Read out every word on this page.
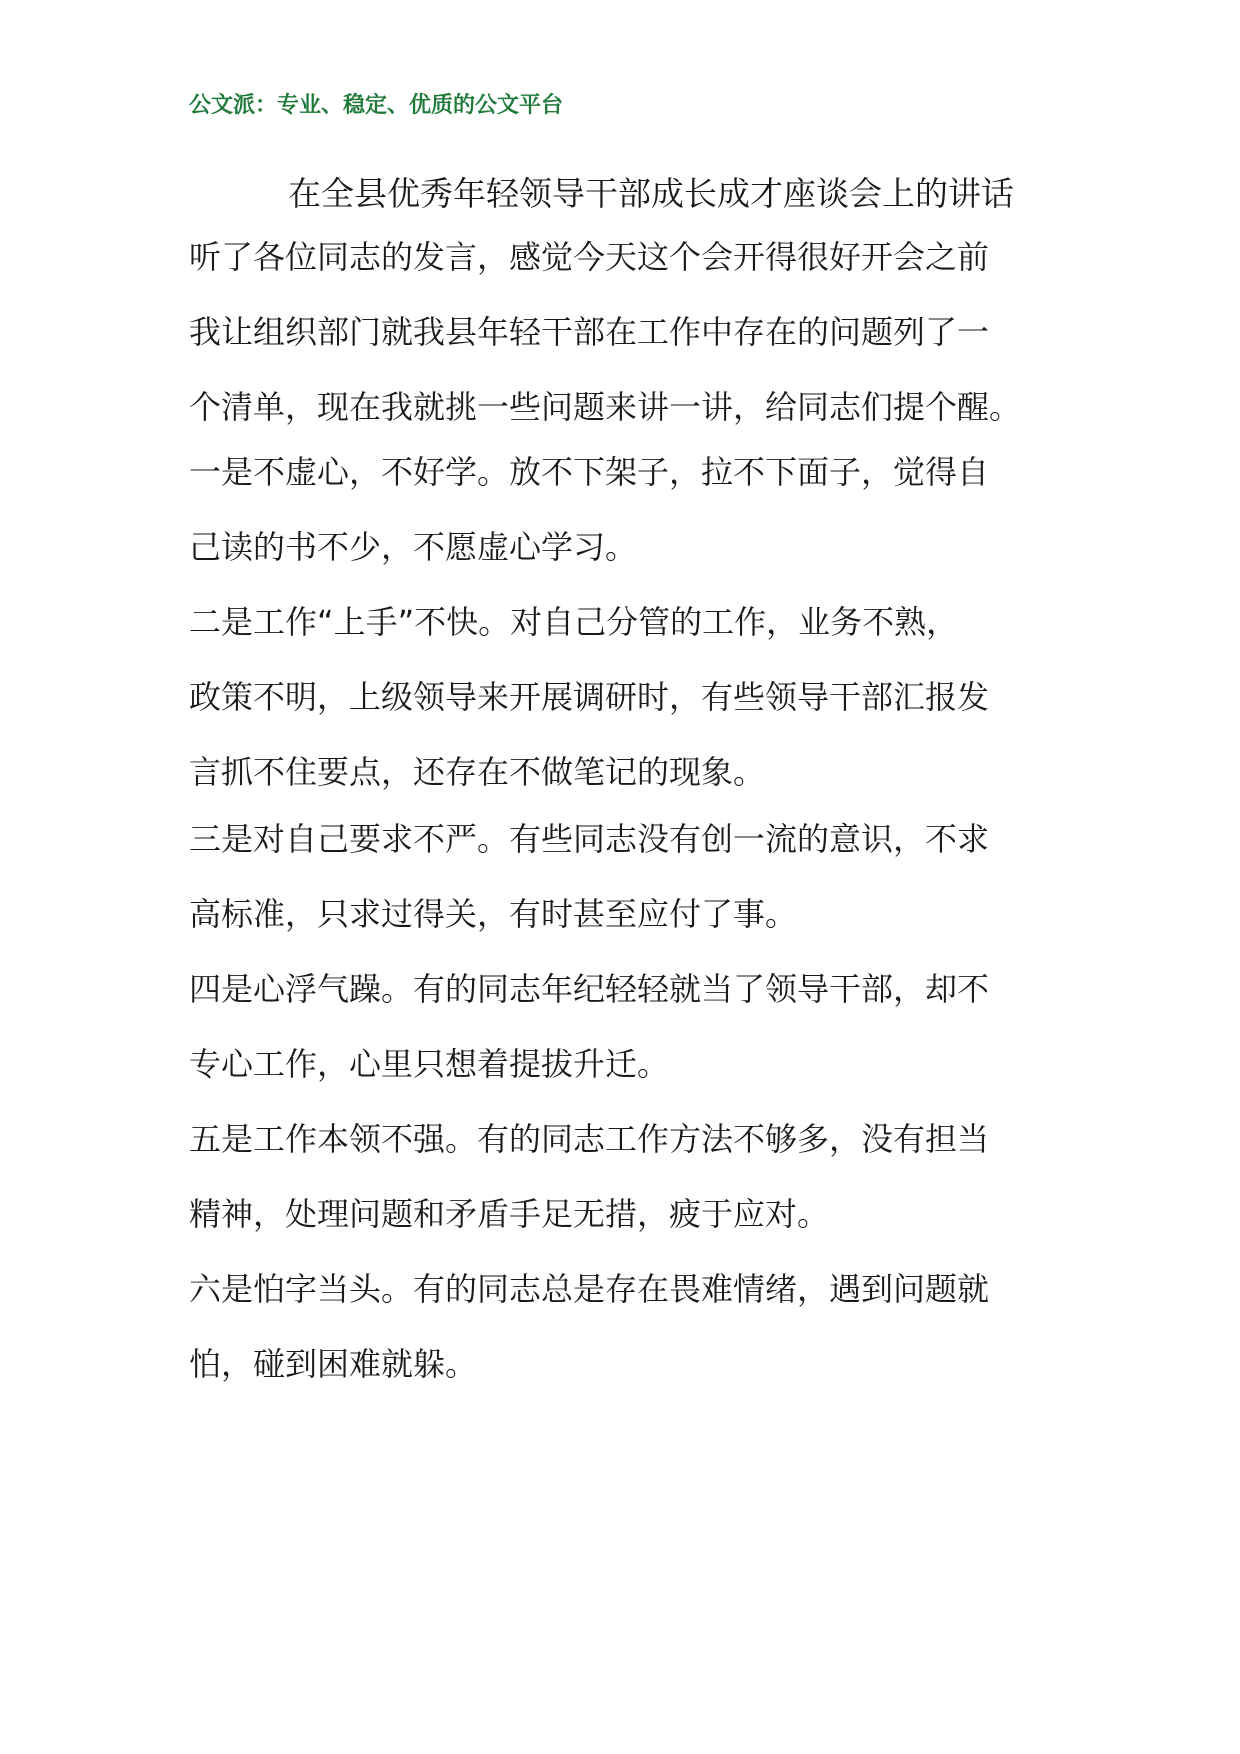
公文派：专业、稳定、优质的公文平台
在全县优秀年轻领导干部成长成才座谈会上的讲话
听了各位同志的发言，感觉今天这个会开得很好开会之前
我让组织部门就我县年轻干部在工作中存在的问题列了一
个清单，现在我就挑一些问题来讲一讲，给同志们提个醒。
一是不虚心，不好学。放不下架子，拉不下面子，觉得自
己读的书不少，不愿虚心学习。
二是工作“上手”不快。对自己分管的工作，业务不熟，
政策不明，上级领导来开展调研时，有些领导干部汇报发
言抓不住要点，还存在不做笔记的现象。
三是对自己要求不严。有些同志没有创一流的意识，不求
高标准，只求过得关，有时甚至应付了事。
四是心浮气躁。有的同志年纪轻轻就当了领导干部，却不
专心工作，心里只想着提拔升迁。
五是工作本领不强。有的同志工作方法不够多，没有担当
精神，处理问题和矛盾手足无措，疲于应对。
六是怕字当头。有的同志总是存在畏难情绪，遇到问题就
怕，碰到困难就躲。
